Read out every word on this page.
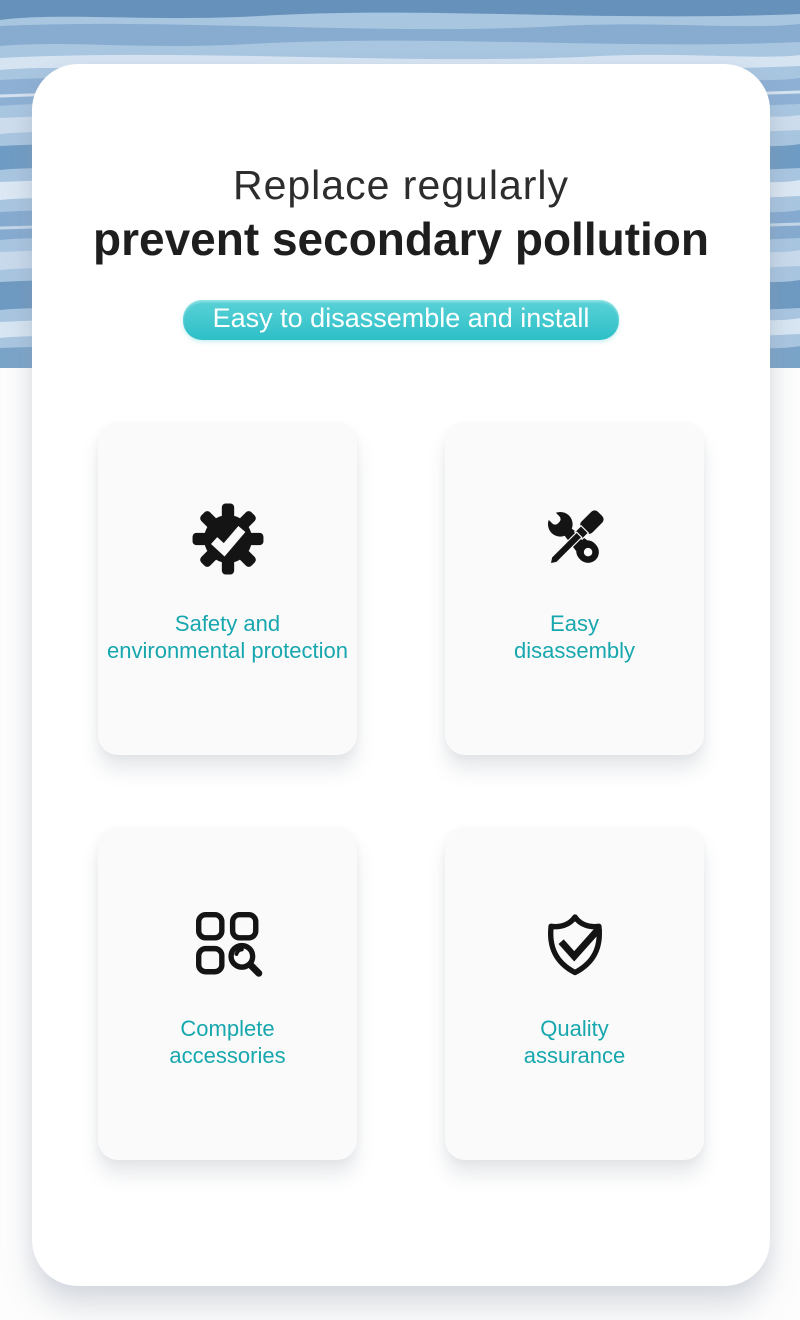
Replace regularly
prevent secondary pollution
Easy to disassemble and install
Safety and
environmental protection
Easy
disassembly
Complete
accessories
Quality
assurance
